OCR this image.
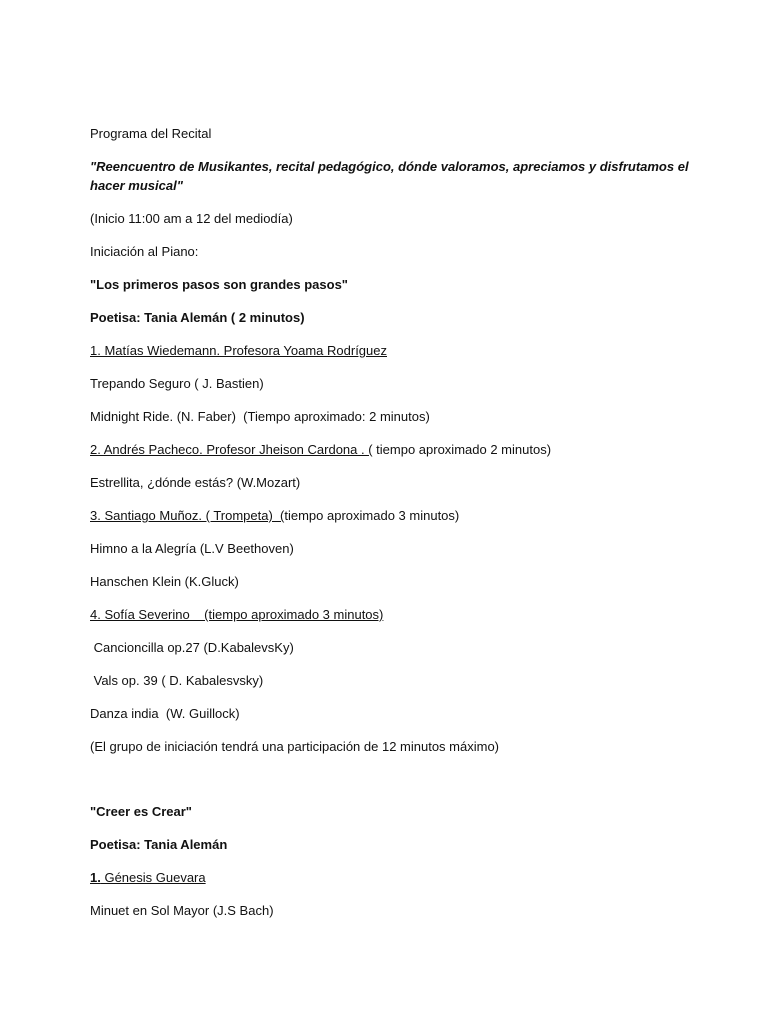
Programa del Recital
"Reencuentro de Musikantes, recital pedagógico, dónde valoramos, apreciamos y disfrutamos el hacer musical"
(Inicio 11:00 am a 12 del mediodía)
Iniciación al Piano:
"Los primeros pasos son grandes pasos"
Poetisa: Tania Alemán ( 2 minutos)
1. Matías Wiedemann. Profesora Yoama Rodríguez
Trepando Seguro ( J. Bastien)
Midnight Ride. (N. Faber)  (Tiempo aproximado: 2 minutos)
2. Andrés Pacheco. Profesor Jheison Cardona . ( tiempo aproximado 2 minutos)
Estrellita, ¿dónde estás? (W.Mozart)
3. Santiago Muñoz. ( Trompeta)  (tiempo aproximado 3 minutos)
Himno a la Alegría (L.V Beethoven)
Hanschen Klein (K.Gluck)
4. Sofía Severino    (tiempo aproximado 3 minutos)
Cancioncilla op.27 (D.KabalevsKy)
Vals op. 39 ( D. Kabalesvsky)
Danza india  (W. Guillock)
(El grupo de iniciación tendrá una participación de 12 minutos máximo)
"Creer es Crear"
Poetisa: Tania Alemán
1. Génesis Guevara
Minuet en Sol Mayor (J.S Bach)
